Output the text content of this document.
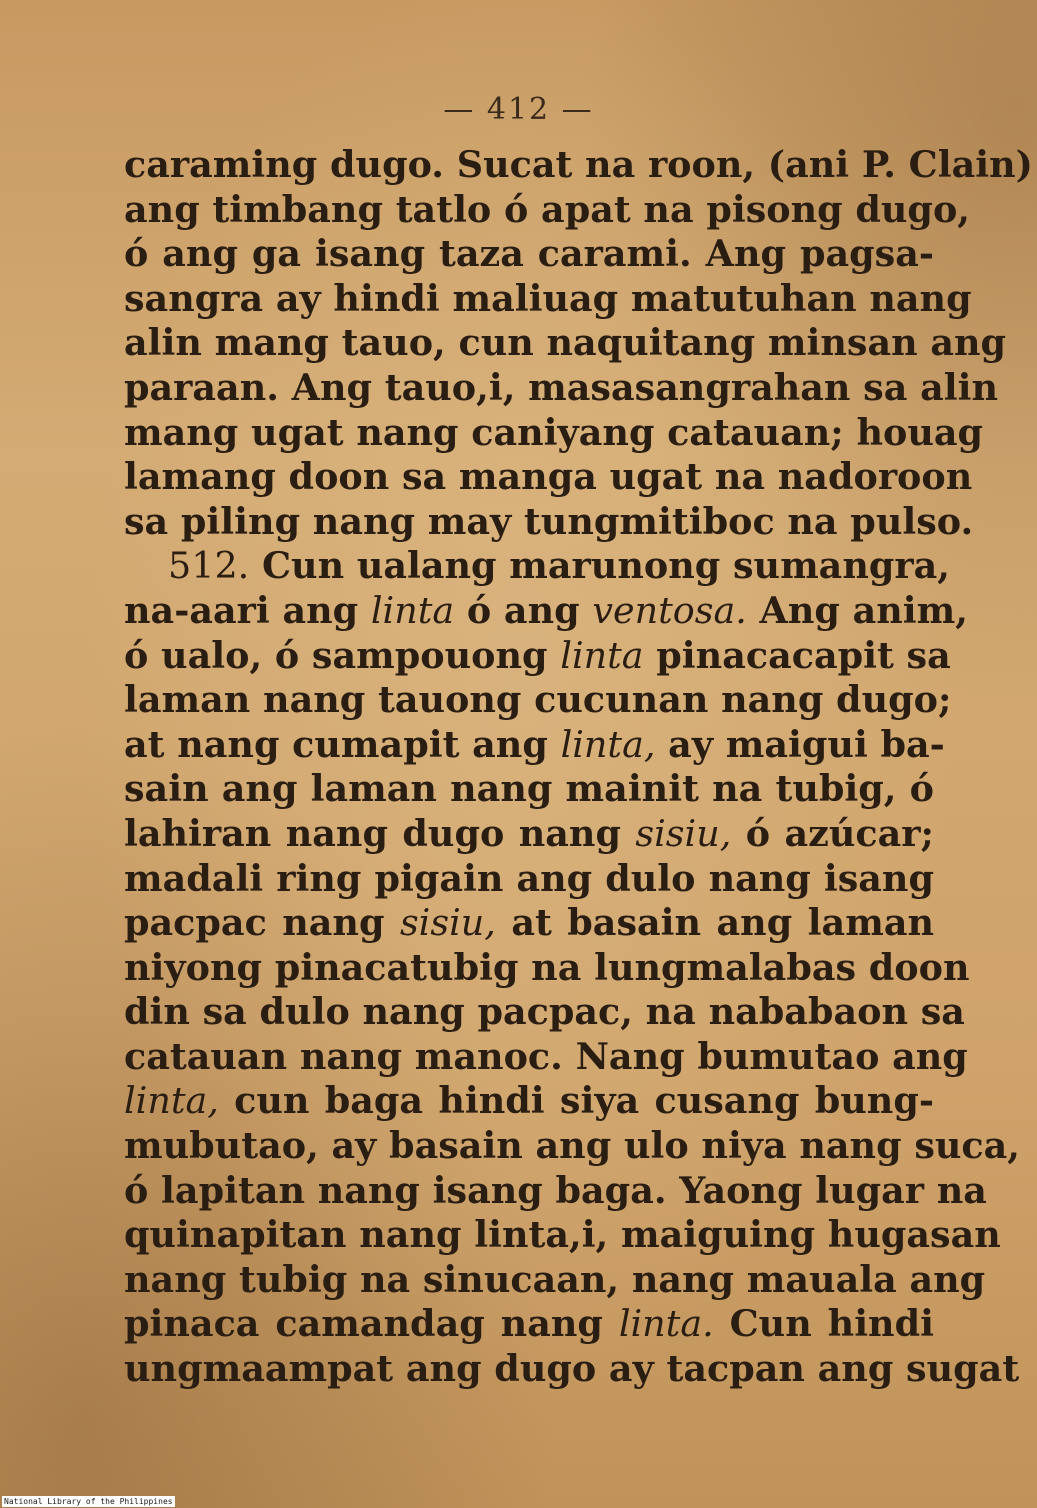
— 412 —
caraming dugo. Sucat na roon, (ani P. Clain)
ang timbang tatlo ó apat na pisong dugo,
ó ang ga isang taza carami. Ang pagsa-
sangra ay hindi maliuag matutuhan nang
alin mang tauo, cun naquitang minsan ang
paraan. Ang tauo,i, masasangrahan sa alin
mang ugat nang caniyang catauan; houag
lamang doon sa manga ugat na nadoroon
sa piling nang may tungmitiboc na pulso.
512. Cun ualang marunong sumangra,
na-aari ang linta ó ang ventosa. Ang anim,
ó ualo, ó sampouong linta pinacacapit sa
laman nang tauong cucunan nang dugo;
at nang cumapit ang linta, ay maigui ba-
sain ang laman nang mainit na tubig, ó
lahiran nang dugo nang sisiu, ó azúcar;
madali ring pigain ang dulo nang isang
pacpac nang sisiu, at basain ang laman
niyong pinacatubig na lungmalabas doon
din sa dulo nang pacpac, na nababaon sa
catauan nang manoc. Nang bumutao ang
linta, cun baga hindi siya cusang bung-
mubutao, ay basain ang ulo niya nang suca,
ó lapitan nang isang baga. Yaong lugar na
quinapitan nang linta,i, maiguing hugasan
nang tubig na sinucaan, nang mauala ang
pinaca camandag nang linta. Cun hindi
ungmaampat ang dugo ay tacpan ang sugat
National Library of the Philippines
